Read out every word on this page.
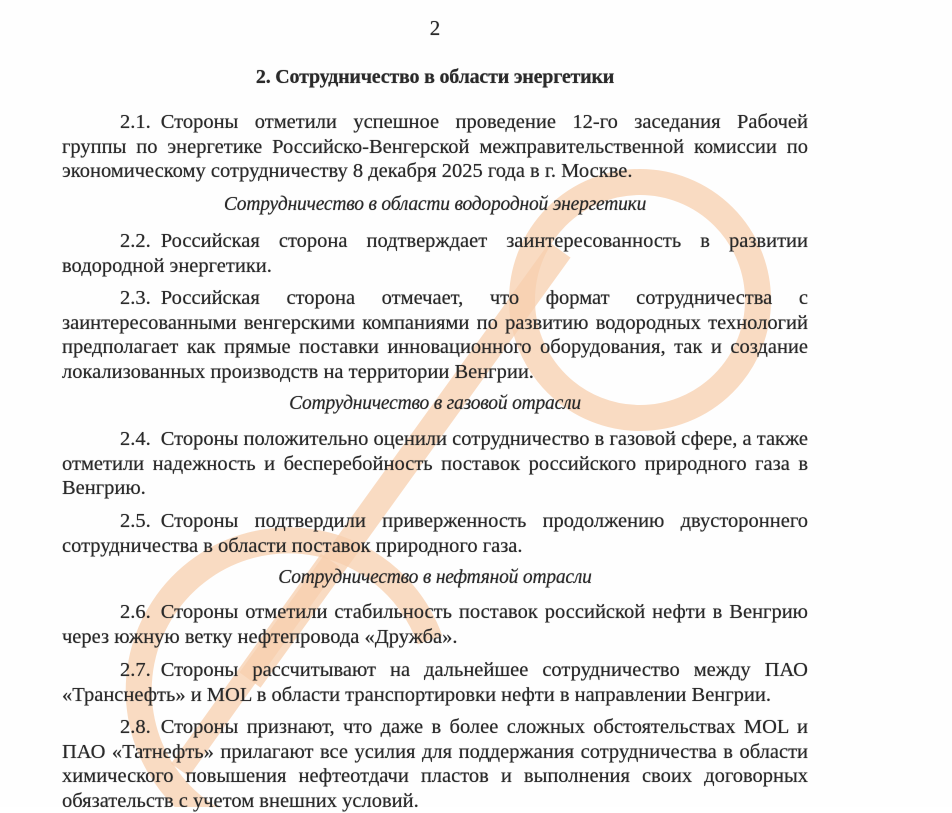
2
2. Сотрудничество в области энергетики

2.1. Стороны отметили успешное проведение 12-го заседания Рабочей группы по энергетике Российско-Венгерской межправительственной комиссии по экономическому сотрудничеству 8 декабря 2025 года в г. Москве.

Сотрудничество в области водородной энергетики

2.2. Российская сторона подтверждает заинтересованность в развитии водородной энергетики.

2.3. Российская сторона отмечает, что формат сотрудничества с заинтересованными венгерскими компаниями по развитию водородных технологий предполагает как прямые поставки инновационного оборудования, так и создание локализованных производств на территории Венгрии.

Сотрудничество в газовой отрасли

2.4. Стороны положительно оценили сотрудничество в газовой сфере, а также отметили надежность и бесперебойность поставок российского природного газа в Венгрию.

2.5. Стороны подтвердили приверженность продолжению двустороннего сотрудничества в области поставок природного газа.

Сотрудничество в нефтяной отрасли

2.6. Стороны отметили стабильность поставок российской нефти в Венгрию через южную ветку нефтепровода «Дружба».

2.7. Стороны рассчитывают на дальнейшее сотрудничество между ПАО «Транснефть» и MOL в области транспортировки нефти в направлении Венгрии.

2.8. Стороны признают, что даже в более сложных обстоятельствах MOL и ПАО «Татнефть» прилагают все усилия для поддержания сотрудничества в области химического повышения нефтеотдачи пластов и выполнения своих договорных обязательств с учетом внешних условий.
